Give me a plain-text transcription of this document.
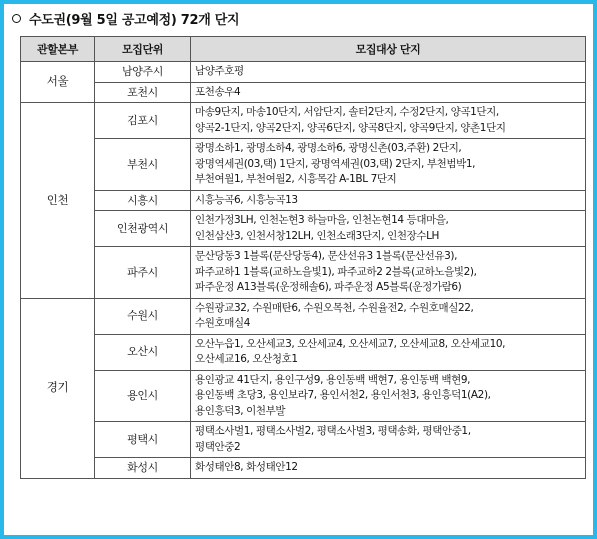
수도권(9월 5일 공고예정) 72개 단지
관할본부	모집단위	모집대상 단지
서울	남양주시	남양주호평

	포천시	포천송우4

인천	김포시	마송9단지, 마송10단지, 서암단지, 솔터2단지, 수정2단지, 양곡1단지,
양곡2-1단지, 양곡2단지, 양곡6단지, 양곡8단지, 양곡9단지, 양촌1단지

	부천시	광명소하1, 광명소하4, 광명소하6, 광명신촌(03,주환) 2단지,
광명역세권(03,택) 1단지, 광명역세권(03,택) 2단지, 부천범박1,
부천여월1, 부천여월2, 시흥목감 A-1BL 7단지

	시흥시	시흥능곡6, 시흥능곡13

	인천광역시	인천가정3LH, 인천논현3 하늘마을, 인천논현14 등대마을,
인천삼산3, 인천서창12LH, 인천소래3단지, 인천장수LH

	파주시	문산당동3 1블록(문산당동4), 문산선유3 1블록(문산선유3),
파주교하1 1블록(교하노을빛1), 파주교하2 2블록(교하노을빛2),
파주운정 A13블록(운정해솔6), 파주운정 A5블록(운정가람6)

경기	수원시	수원광교32, 수원매탄6, 수원오목천, 수원율전2, 수원호매실22,
수원호매실4

	오산시	오산누읍1, 오산세교3, 오산세교4, 오산세교7, 오산세교8, 오산세교10,
오산세교16, 오산청호1

	용인시	용인광교 41단지, 용인구성9, 용인동백 백현7, 용인동백 백현9,
용인동백 초당3, 용인보라7, 용인서천2, 용인서천3, 용인흥덕1(A2),
용인흥덕3, 이천부발

	평택시	평택소사벌1, 평택소사벌2, 평택소사벌3, 평택송화, 평택안중1,
평택안중2

	화성시	화성태안8, 화성태안12
